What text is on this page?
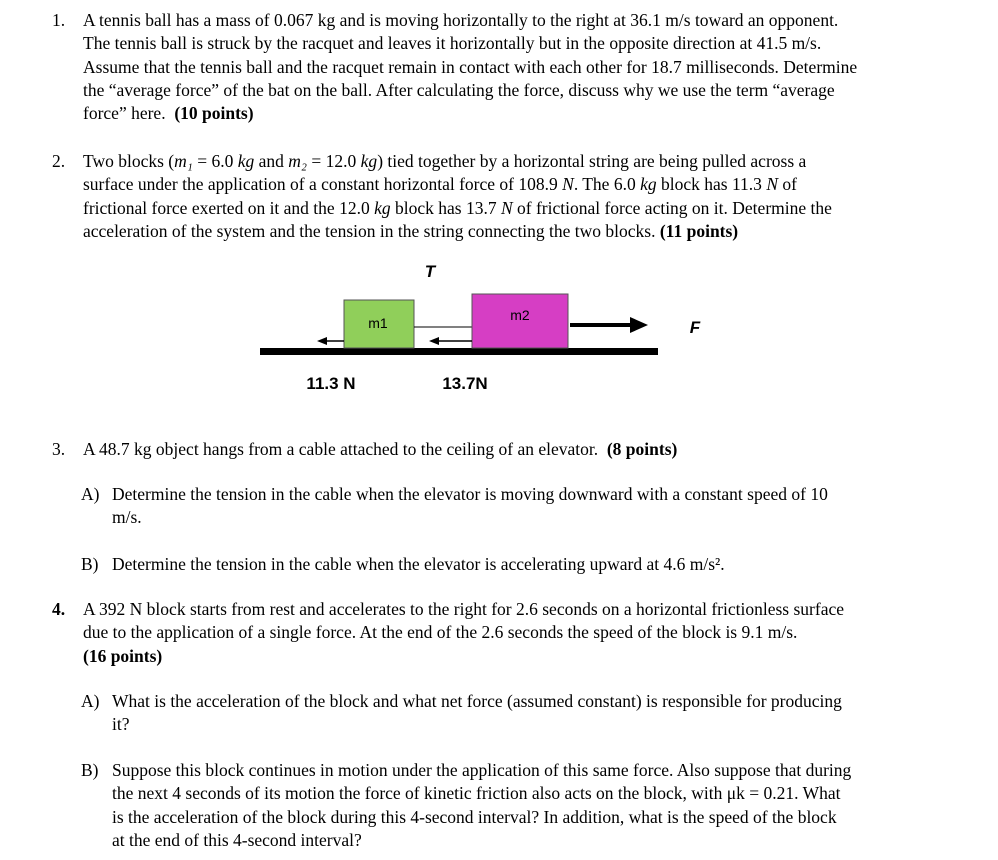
1. A tennis ball has a mass of 0.067 kg and is moving horizontally to the right at 36.1 m/s toward an opponent.
The tennis ball is struck by the racquet and leaves it horizontally but in the opposite direction at 41.5 m/s.
Assume that the tennis ball and the racquet remain in contact with each other for 18.7 milliseconds. Determine
the “average force” of the bat on the ball. After calculating the force, discuss why we use the term “average
force” here. (10 points)
2. Two blocks (m₁ = 6.0 kg and m₂ = 12.0 kg) tied together by a horizontal string are being pulled across a
surface under the application of a constant horizontal force of 108.9 N. The 6.0 kg block has 11.3 N of
frictional force exerted on it and the 12.0 kg block has 13.7 N of frictional force acting on it. Determine the
acceleration of the system and the tension in the string connecting the two blocks. (11 points)
T
m1	m2
F
11.3 N	13.7N
3. A 48.7 kg object hangs from a cable attached to the ceiling of an elevator. (8 points)
A) Determine the tension in the cable when the elevator is moving downward with a constant speed of 10
m/s.
B) Determine the tension in the cable when the elevator is accelerating upward at 4.6 m/s².
4. A 392 N block starts from rest and accelerates to the right for 2.6 seconds on a horizontal frictionless surface
due to the application of a single force. At the end of the 2.6 seconds the speed of the block is 9.1 m/s.
(16 points)
A) What is the acceleration of the block and what net force (assumed constant) is responsible for producing
it?
B) Suppose this block continues in motion under the application of this same force. Also suppose that during
the next 4 seconds of its motion the force of kinetic friction also acts on the block, with μk = 0.21. What
is the acceleration of the block during this 4-second interval? In addition, what is the speed of the block
at the end of this 4-second interval?
